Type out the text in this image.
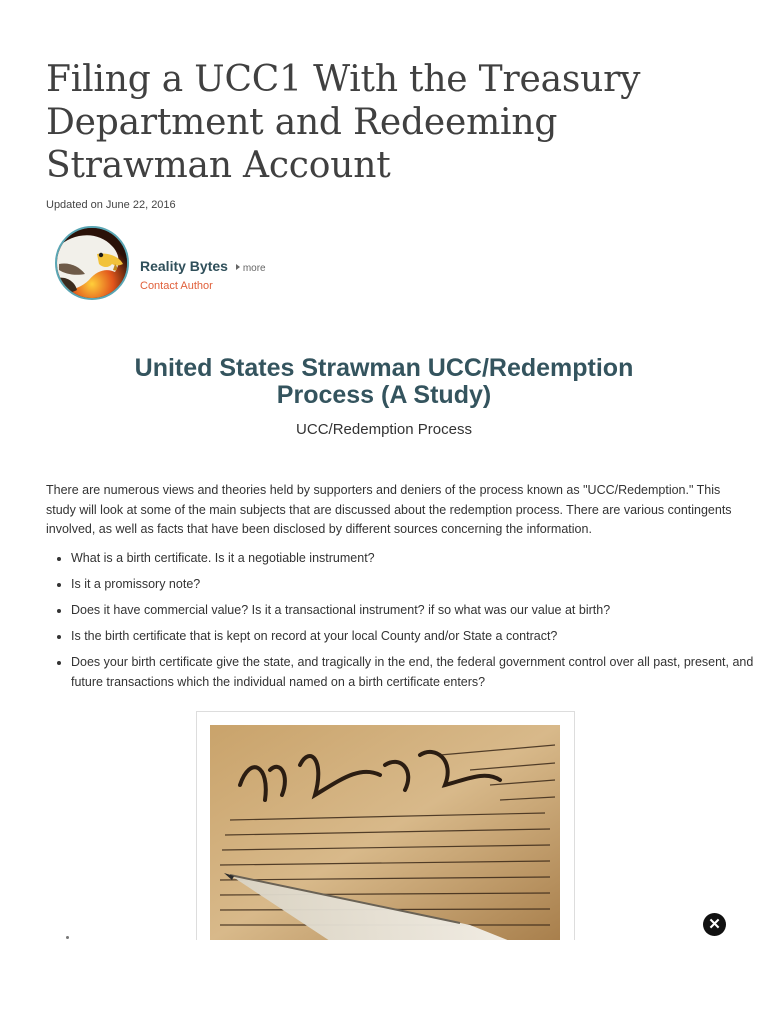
Filing a UCC1 With the Treasury Department and Redeeming Strawman Account
Updated on June 22, 2016
Reality Bytes more
Contact Author
United States Strawman UCC/Redemption Process (A Study)
UCC/Redemption Process

There are numerous views and theories held by supporters and deniers of the process known as "UCC/Redemption." This study will look at some of the main subjects that are discussed about the redemption process. There are various contingents involved, as well as facts that have been disclosed by different sources concerning the information.

• What is a birth certificate. Is it a negotiable instrument?
• Is it a promissory note?
• Does it have commercial value? Is it a transactional instrument? if so what was our value at birth?
• Is the birth certificate that is kept on record at your local County and/or State a contract?
• Does your birth certificate give the state, and tragically in the end, the federal government control over all past, present, and future transactions which the individual named on a birth certificate enters?
✕
